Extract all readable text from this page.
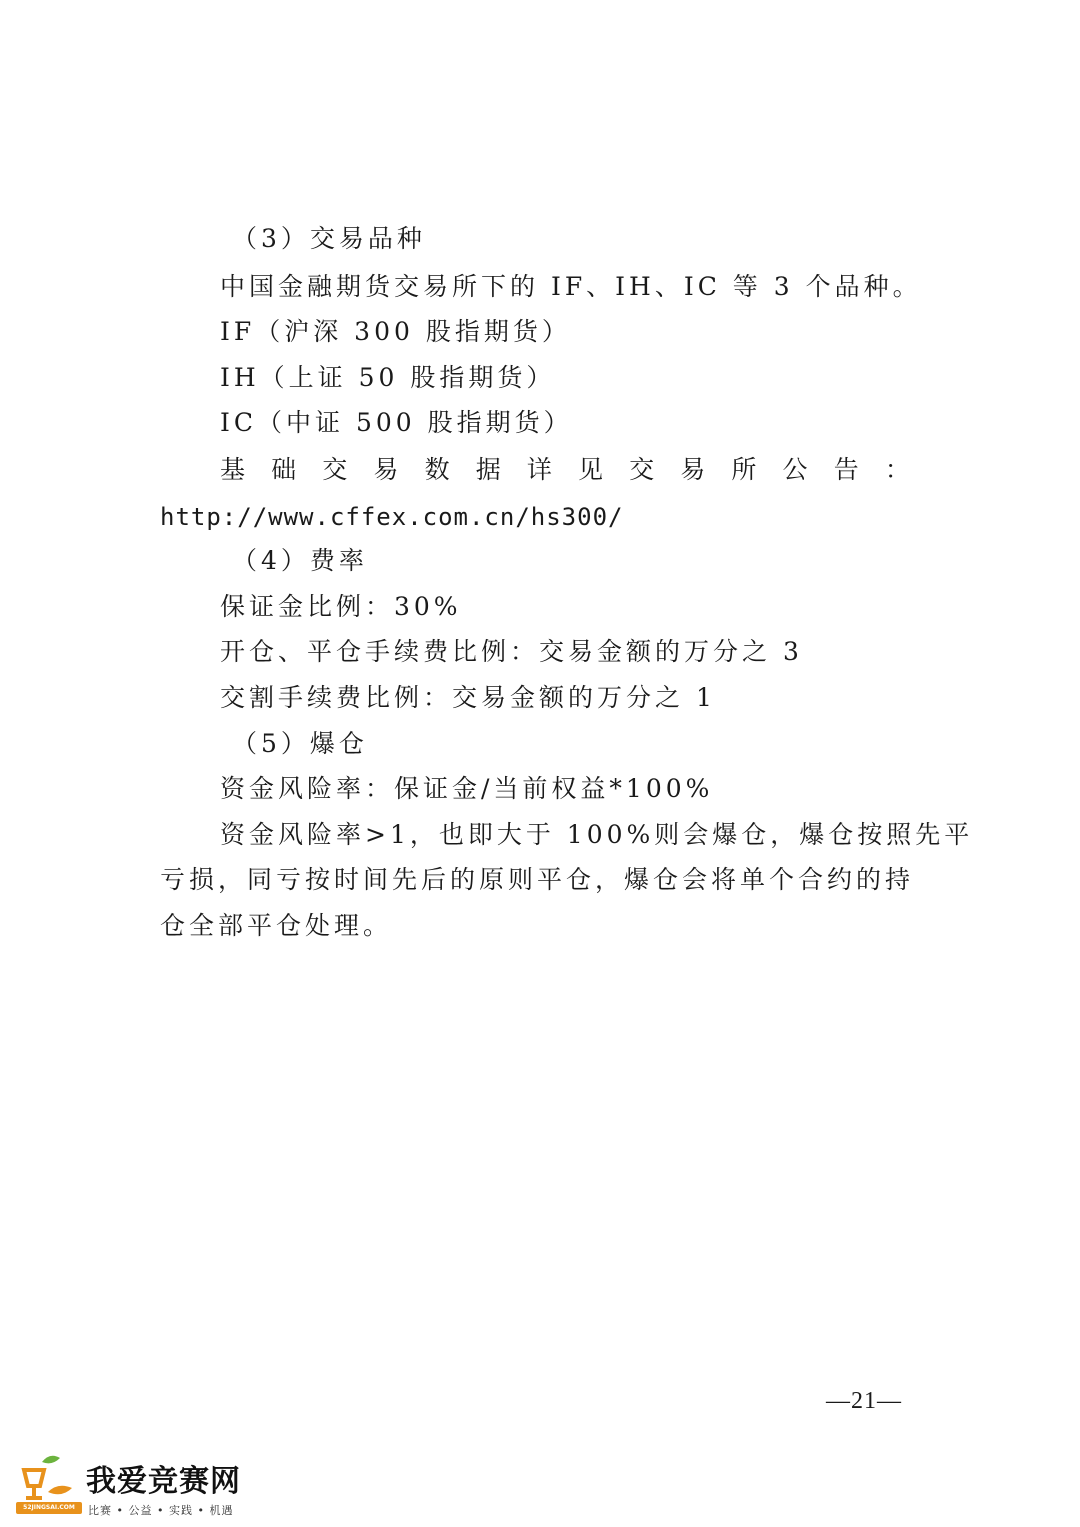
（3）交易品种
中国金融期货交易所下的 IF、IH、IC 等 3 个品种。
IF（沪深 300 股指期货）
IH（上证 50 股指期货）
IC（中证 500 股指期货）
基 础 交 易 数 据 详 见 交 易 所 公 告 ：
http://www.cffex.com.cn/hs300/
（4）费率
保证金比例：30%
开仓、平仓手续费比例：交易金额的万分之 3
交割手续费比例：交易金额的万分之 1
（5）爆仓
资金风险率：保证金/当前权益*100%
资金风险率>1，也即大于 100%则会爆仓，爆仓按照先平
亏损，同亏按时间先后的原则平仓，爆仓会将单个合约的持
仓全部平仓处理。
—21—
52JINGSAI.COM
我爱竞赛网
比赛 • 公益 • 实践 • 机遇
